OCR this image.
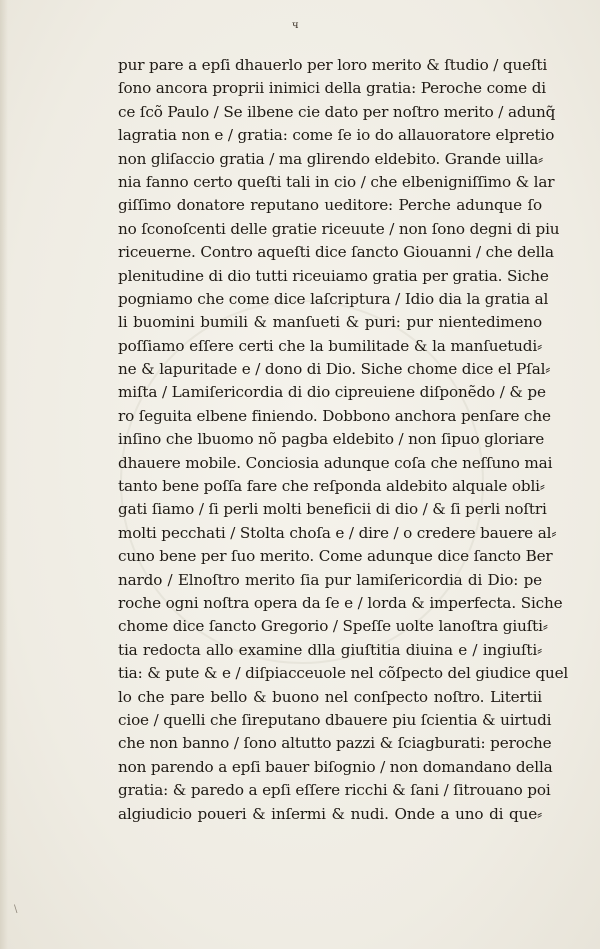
ч
\
pur pare a epſi dhauerlo per loro merito & ſtudio / queſti
ſono ancora proprii inimici della gratia: Peroche come di
ce ſcõ Paulo / Se ilbene cie dato per noſtro merito / adunq̃
lagratia non e / gratia: come ſe io do allauoratore elpretio
non gliſaccio gratia / ma glirendo eldebito. Grande uilla⸗
nia fanno certo queſti tali in cio / che elbenigniſſimo & lar
giſſimo donatore reputano ueditore: Perche adunque ſo
no ſconoſcenti delle gratie riceuute / non ſono degni di piu
riceuerne. Contro aqueſti dice ſancto Giouanni / che della
plenitudine di dio tutti riceuiamo gratia per gratia. Siche
pogniamo che come dice laſcriptura / Idio dia la gratia al
li buomini bumili & manſueti & puri: pur nientedimeno
poſſiamo eſſere certi che la bumilitade & la manſuetudi⸗
ne & lapuritade e / dono di Dio. Siche chome dice el Pſal⸗
miſta / Lamiſericordia di dio cipreuiene diſponẽdo / & pe
ro ſeguita elbene finiendo. Dobbono anchora penſare che
inſino che lbuomo nõ pagba eldebito / non ſipuo gloriare
dhauere mobile. Conciosia adunque coſa che neſſuno mai
tanto bene poſſa fare che reſponda aldebito alquale obli⸗
gati ſiamo / ſi perli molti beneficii di dio / & ſi perli noſtri
molti pecchati / Stolta choſa e / dire / o credere bauere al⸗
cuno bene per ſuo merito. Come adunque dice ſancto Ber
nardo / Elnoſtro merito ſia pur lamiſericordia di Dio: pe
roche ogni noſtra opera da ſe e / lorda & imperfecta. Siche
chome dice ſancto Gregorio / Speſſe uolte lanoſtra giuſti⸗
tia redocta allo examine dlla giuſtitia diuina e / ingiuſti⸗
tia: & pute & e / diſpiacceuole nel cõſpecto del giudice quel
lo che pare bello & buono nel conſpecto noſtro. Litertii
cioe / quelli che ſireputano dbauere piu ſcientia & uirtudi
che non banno / ſono altutto pazzi & ſciagburati: peroche
non parendo a epſi bauer biſognio / non domandano della
gratia: & paredo a epſi eſſere ricchi & ſani / ſitrouano poi
algiudicio poueri & inſermi & nudi. Onde a uno di que⸗
